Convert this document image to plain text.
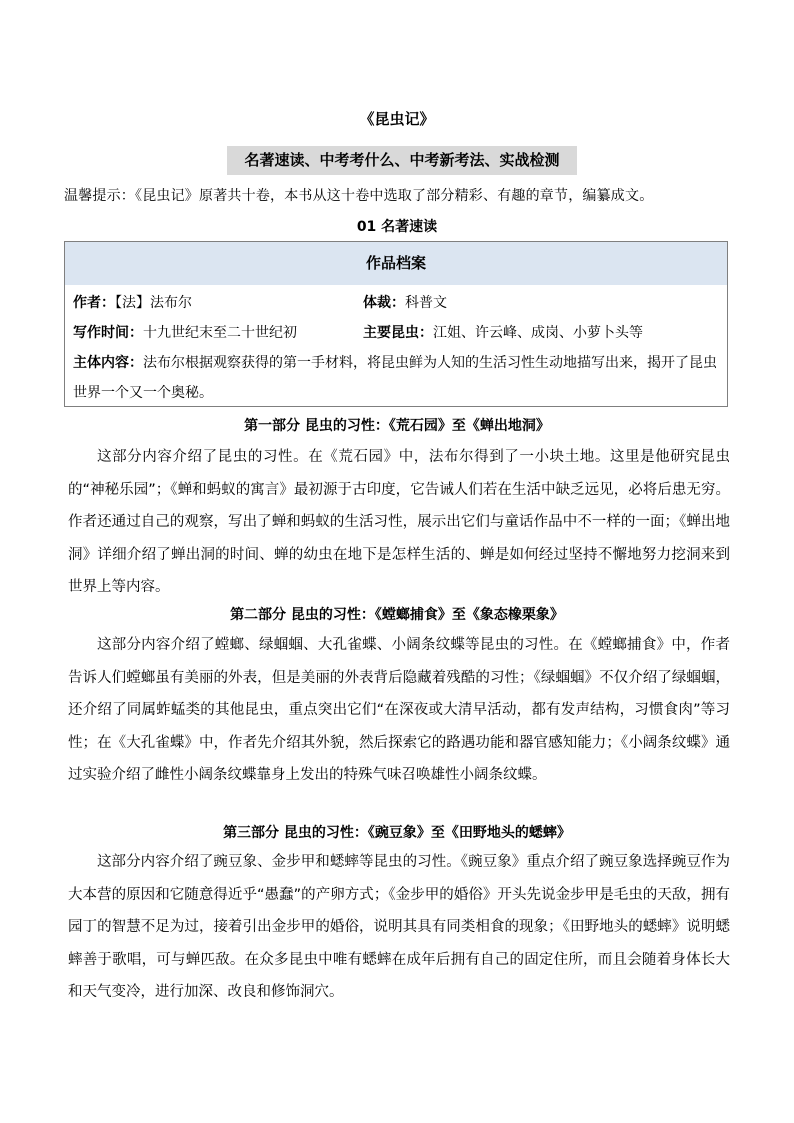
《昆虫记》
名著速读、中考考什么、中考新考法、实战检测
温馨提示：《昆虫记》原著共十卷，本书从这十卷中选取了部分精彩、有趣的章节，编纂成文。
01 名著速读
作品档案
作者：【法】法布尔	体裁：科普文
写作时间：十九世纪末至二十世纪初	主要昆虫：江姐、许云峰、成岗、小萝卜头等
主体内容：法布尔根据观察获得的第一手材料，将昆虫鲜为人知的生活习性生动地描写出来，揭开了昆虫世界一个又一个奥秘。
第一部分 昆虫的习性：《荒石园》至《蝉出地洞》
这部分内容介绍了昆虫的习性。在《荒石园》中，法布尔得到了一小块土地。这里是他研究昆虫的“神秘乐园”；《蝉和蚂蚁的寓言》最初源于古印度，它告诫人们若在生活中缺乏远见，必将后患无穷。作者还通过自己的观察，写出了蝉和蚂蚁的生活习性，展示出它们与童话作品中不一样的一面；《蝉出地洞》详细介绍了蝉出洞的时间、蝉的幼虫在地下是怎样生活的、蝉是如何经过坚持不懈地努力挖洞来到世界上等内容。
第二部分 昆虫的习性：《螳螂捕食》至《象态橡栗象》
这部分内容介绍了螳螂、绿蝈蝈、大孔雀蝶、小阔条纹蝶等昆虫的习性。在《螳螂捕食》中，作者告诉人们螳螂虽有美丽的外表，但是美丽的外表背后隐藏着残酷的习性；《绿蝈蝈》不仅介绍了绿蝈蝈，还介绍了同属蚱蜢类的其他昆虫，重点突出它们“在深夜或大清早活动，都有发声结构，习惯食肉”等习性；在《大孔雀蝶》中，作者先介绍其外貌，然后探索它的路遇功能和器官感知能力；《小阔条纹蝶》通过实验介绍了雌性小阔条纹蝶靠身上发出的特殊气味召唤雄性小阔条纹蝶。
第三部分 昆虫的习性：《豌豆象》至《田野地头的蟋蟀》
这部分内容介绍了豌豆象、金步甲和蟋蟀等昆虫的习性。《豌豆象》重点介绍了豌豆象选择豌豆作为大本营的原因和它随意得近乎“愚蠢”的产卵方式；《金步甲的婚俗》开头先说金步甲是毛虫的天敌，拥有园丁的智慧不足为过，接着引出金步甲的婚俗，说明其具有同类相食的现象；《田野地头的蟋蟀》说明蟋蟀善于歌唱，可与蝉匹敌。在众多昆虫中唯有蟋蟀在成年后拥有自己的固定住所，而且会随着身体长大和天气变冷，进行加深、改良和修饰洞穴。
